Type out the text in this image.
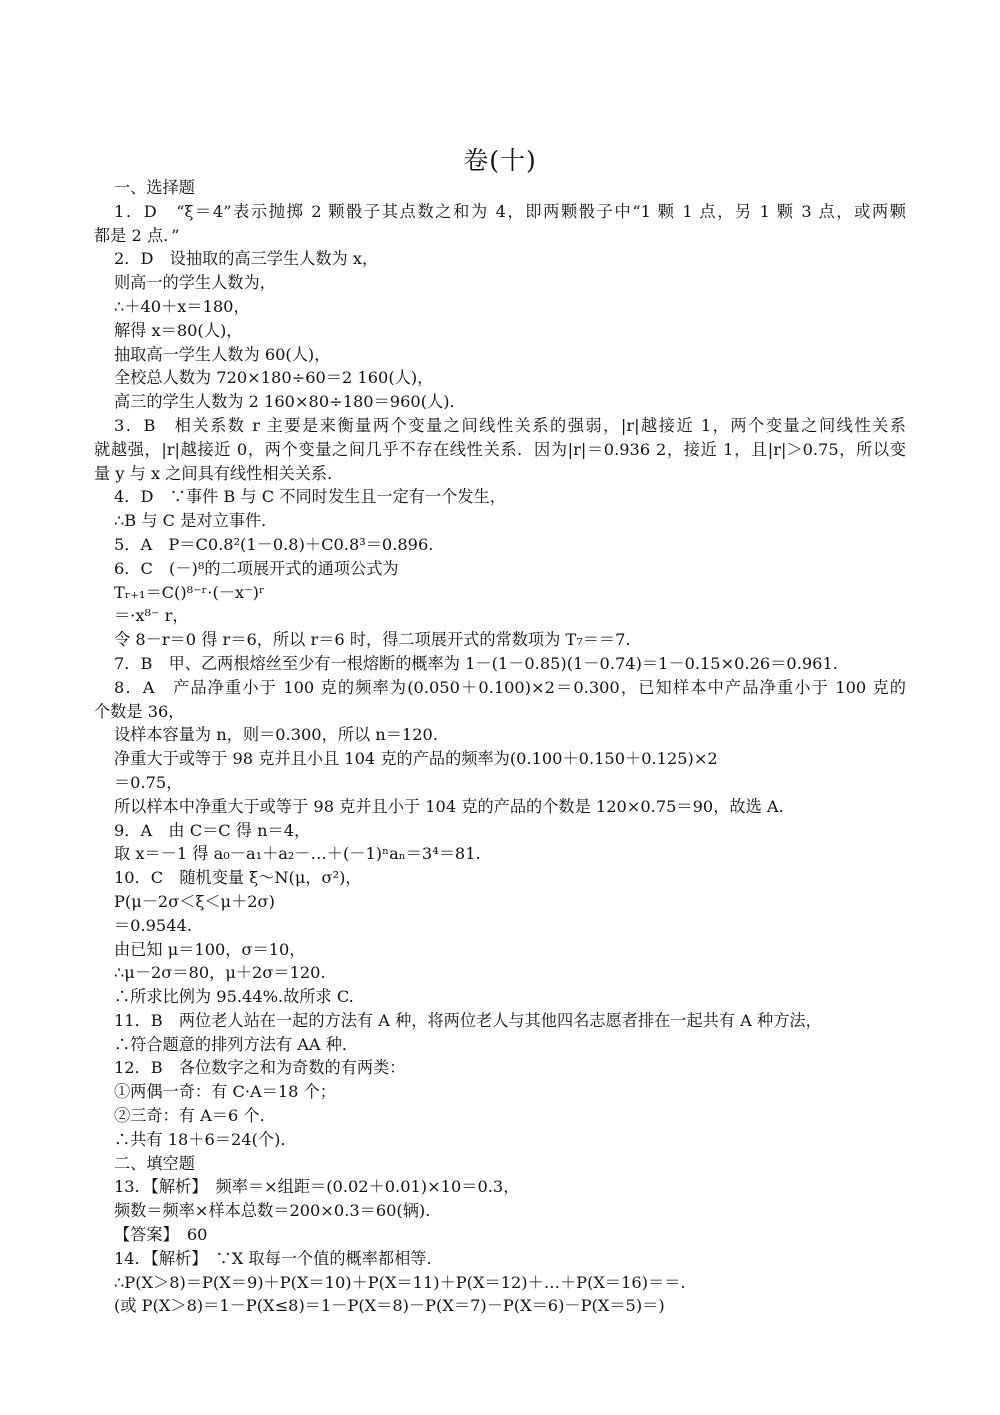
卷(十)
一、选择题
1．D　“ξ＝4”表示抛掷 2 颗骰子其点数之和为 4，即两颗骰子中“1 颗 1 点，另 1 颗 3 点，或两颗
都是 2 点．”
2．D　设抽取的高三学生人数为 x，
则高一的学生人数为，
∴＋40＋x＝180，
解得 x＝80(人)，
抽取高一学生人数为 60(人)，
全校总人数为 720×180÷60＝2 160(人)，
高三的学生人数为 2 160×80÷180＝960(人)．
3．B　相关系数 r 主要是来衡量两个变量之间线性关系的强弱，|r|越接近 1，两个变量之间线性关系
就越强，|r|越接近 0，两个变量之间几乎不存在线性关系．因为|r|＝0.936 2，接近 1，且|r|＞0.75，所以变
量 y 与 x 之间具有线性相关关系．
4．D　∵事件 B 与 C 不同时发生且一定有一个发生，
∴B 与 C 是对立事件．
5．A　P＝C0.8²(1－0.8)＋C0.8³＝0.896.
6．C　(－)⁸的二项展开式的通项公式为
Tᵣ₊₁＝C()⁸⁻ʳ·(－x⁻)ʳ
＝·x⁸⁻ r，
令 8－r＝0 得 r＝6，所以 r＝6 时，得二项展开式的常数项为 T₇＝＝7.
7．B　甲、乙两根熔丝至少有一根熔断的概率为 1－(1－0.85)(1－0.74)＝1－0.15×0.26＝0.961.
8．A　产品净重小于 100 克的频率为(0.050＋0.100)×2＝0.300，已知样本中产品净重小于 100 克的
个数是 36，
设样本容量为 n，则＝0.300，所以 n＝120.
净重大于或等于 98 克并且小且 104 克的产品的频率为(0.100＋0.150＋0.125)×2
＝0.75，
所以样本中净重大于或等于 98 克并且小于 104 克的产品的个数是 120×0.75＝90，故选 A.
9．A　由 C＝C 得 n＝4，
取 x＝－1 得 a₀－a₁＋a₂－…＋(－1)ⁿaₙ＝3⁴＝81.
10．C　随机变量 ξ～N(μ，σ²)，
P(μ－2σ＜ξ＜μ＋2σ)
＝0.9544.
由已知 μ＝100，σ＝10，
∴μ－2σ＝80，μ＋2σ＝120.
∴所求比例为 95.44%.故所求 C.
11．B　两位老人站在一起的方法有 A 种，将两位老人与其他四名志愿者排在一起共有 A 种方法，
∴符合题意的排列方法有 AA 种．
12．B　各位数字之和为奇数的有两类：
①两偶一奇：有 C·A＝18 个；
②三奇：有 A＝6 个．
∴共有 18＋6＝24(个)．
二、填空题
13．【解析】　频率＝×组距＝(0.02＋0.01)×10＝0.3，
频数＝频率×样本总数＝200×0.3＝60(辆)．
【答案】　60
14．【解析】　∵X 取每一个值的概率都相等．
∴P(X＞8)＝P(X＝9)＋P(X＝10)＋P(X＝11)＋P(X＝12)＋…＋P(X＝16)＝＝.
(或 P(X＞8)＝1－P(X≤8)＝1－P(X＝8)－P(X＝7)－P(X＝6)－P(X＝5)＝)
